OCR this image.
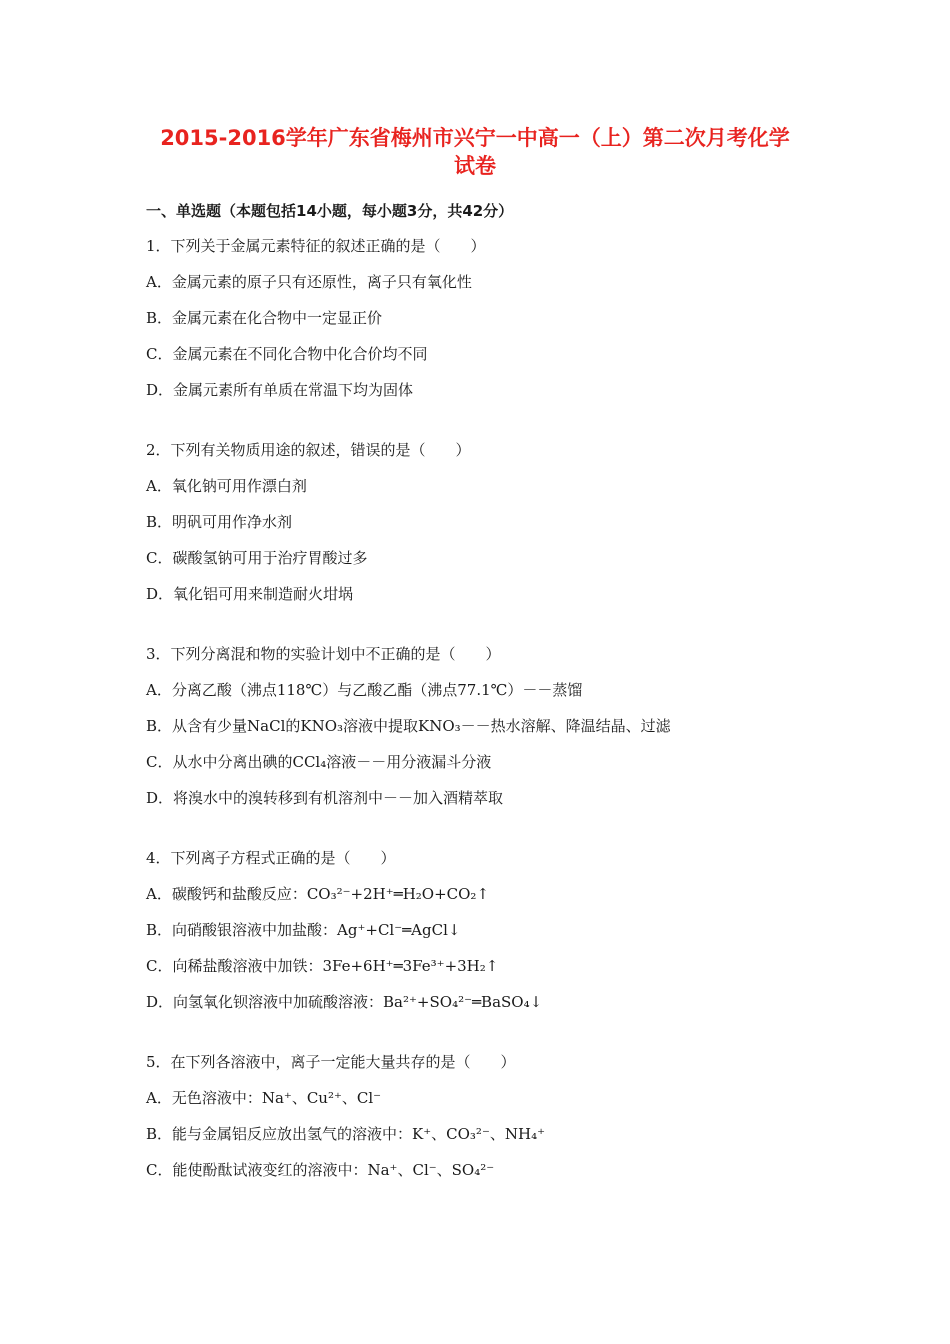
2015-2016学年广东省梅州市兴宁一中高一（上）第二次月考化学
试卷
一、单选题（本题包括14小题，每小题3分，共42分）
1．下列关于金属元素特征的叙述正确的是（　　）
A．金属元素的原子只有还原性，离子只有氧化性
B．金属元素在化合物中一定显正价
C．金属元素在不同化合物中化合价均不同
D．金属元素所有单质在常温下均为固体
2．下列有关物质用途的叙述，错误的是（　　）
A．氧化钠可用作漂白剂
B．明矾可用作净水剂
C．碳酸氢钠可用于治疗胃酸过多
D．氧化铝可用来制造耐火坩埚
3．下列分离混和物的实验计划中不正确的是（　　）
A．分离乙酸（沸点118℃）与乙酸乙酯（沸点77.1℃）－－蒸馏
B．从含有少量NaCl的KNO₃溶液中提取KNO₃－－热水溶解、降温结晶、过滤
C．从水中分离出碘的CCl₄溶液－－用分液漏斗分液
D．将溴水中的溴转移到有机溶剂中－－加入酒精萃取
4．下列离子方程式正确的是（　　）
A．碳酸钙和盐酸反应：CO₃²⁻+2H⁺═H₂O+CO₂↑
B．向硝酸银溶液中加盐酸：Ag⁺+Cl⁻═AgCl↓
C．向稀盐酸溶液中加铁：3Fe+6H⁺═3Fe³⁺+3H₂↑
D．向氢氧化钡溶液中加硫酸溶液：Ba²⁺+SO₄²⁻═BaSO₄↓
5．在下列各溶液中，离子一定能大量共存的是（　　）
A．无色溶液中：Na⁺、Cu²⁺、Cl⁻
B．能与金属铝反应放出氢气的溶液中：K⁺、CO₃²⁻、NH₄⁺
C．能使酚酞试液变红的溶液中：Na⁺、Cl⁻、SO₄²⁻
